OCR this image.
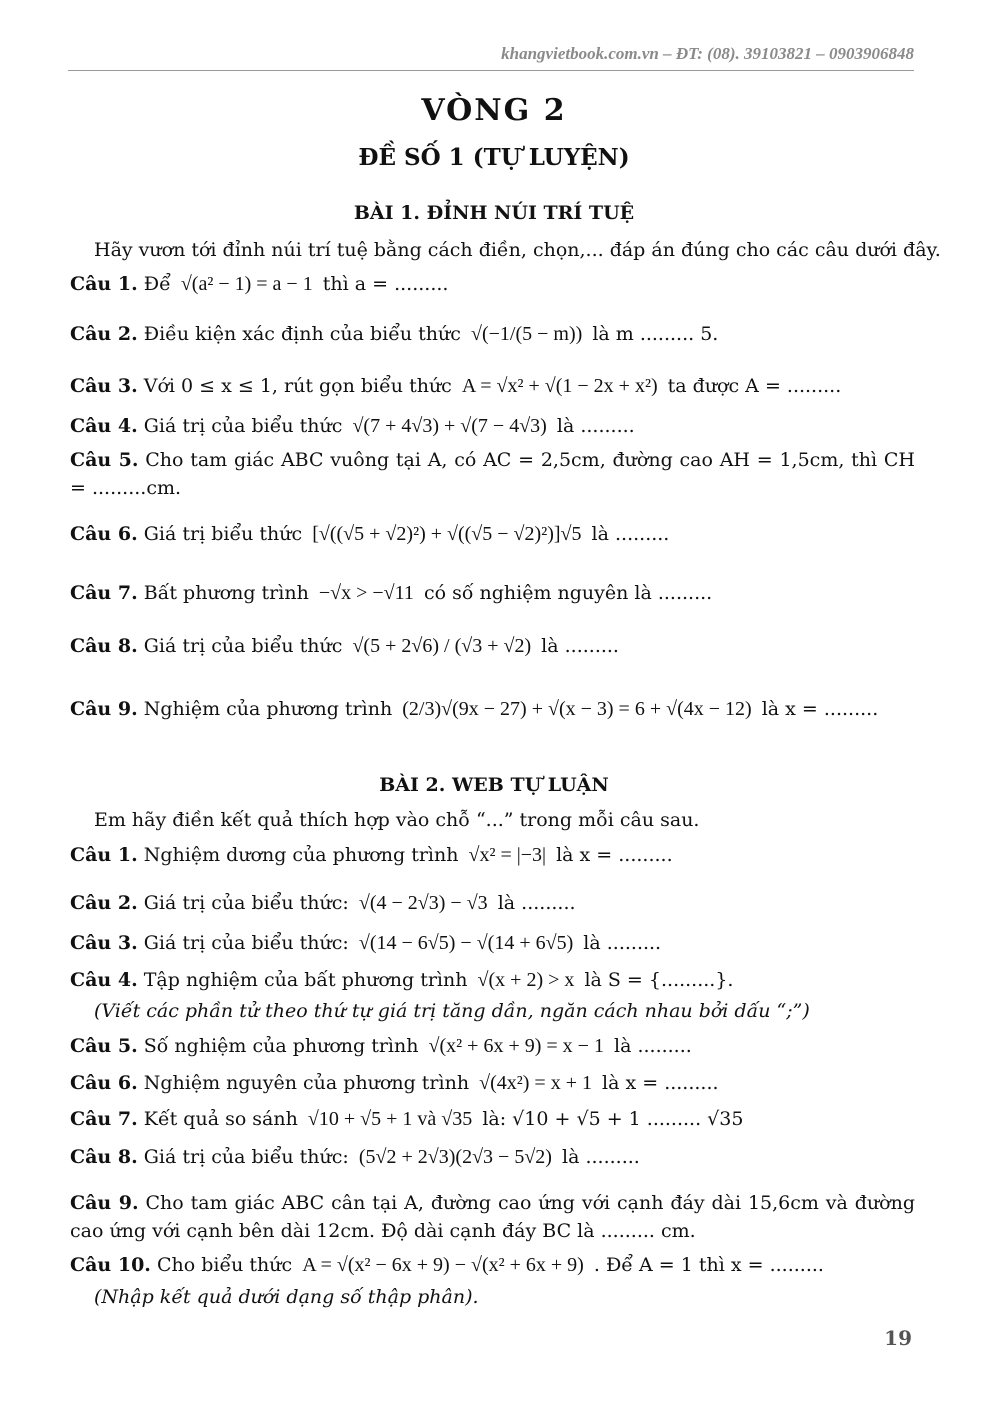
khangvietbook.com.vn – ĐT: (08). 39103821 – 0903906848
VÒNG 2
ĐỀ SỐ 1 (TỰ LUYỆN)
BÀI 1. ĐỈNH NÚI TRÍ TUỆ
Hãy vươn tới đỉnh núi trí tuệ bằng cách điền, chọn,... đáp án đúng cho các câu dưới đây.
Câu 1. Để √(a² − 1) = a − 1 thì a = .........
Câu 2. Điều kiện xác định của biểu thức √(−1/(5 − m)) là m ......... 5.
Câu 3. Với 0 ≤ x ≤ 1, rút gọn biểu thức A = √x² + √(1 − 2x + x²) ta được A = .........
Câu 4. Giá trị của biểu thức √(7 + 4√3) + √(7 − 4√3) là .........
Câu 5. Cho tam giác ABC vuông tại A, có AC = 2,5cm, đường cao AH = 1,5cm, thì CH = .........cm.
Câu 6. Giá trị biểu thức [√((√5 + √2)²) + √((√5 − √2)²)]√5 là .........
Câu 7. Bất phương trình −√x > −√11 có số nghiệm nguyên là .........
Câu 8. Giá trị của biểu thức √(5 + 2√6) / (√3 + √2) là .........
Câu 9. Nghiệm của phương trình (2/3)√(9x − 27) + √(x − 3) = 6 + √(4x − 12) là x = .........
BÀI 2. WEB TỰ LUẬN
Em hãy điền kết quả thích hợp vào chỗ “...” trong mỗi câu sau.
Câu 1. Nghiệm dương của phương trình √x² = |−3| là x = .........
Câu 2. Giá trị của biểu thức: √(4 − 2√3) − √3 là .........
Câu 3. Giá trị của biểu thức: √(14 − 6√5) − √(14 + 6√5) là .........
Câu 4. Tập nghiệm của bất phương trình √(x + 2) > x là S = {.........}.
(Viết các phần tử theo thứ tự giá trị tăng dần, ngăn cách nhau bởi dấu “;”)
Câu 5. Số nghiệm của phương trình √(x² + 6x + 9) = x − 1 là .........
Câu 6. Nghiệm nguyên của phương trình √(4x²) = x + 1 là x = .........
Câu 7. Kết quả so sánh √10 + √5 + 1 và √35 là: √10 + √5 + 1 ......... √35
Câu 8. Giá trị của biểu thức: (5√2 + 2√3)(2√3 − 5√2) là .........
Câu 9. Cho tam giác ABC cân tại A, đường cao ứng với cạnh đáy dài 15,6cm và đường cao ứng với cạnh bên dài 12cm. Độ dài cạnh đáy BC là ......... cm.
Câu 10. Cho biểu thức A = √(x² − 6x + 9) − √(x² + 6x + 9) . Để A = 1 thì x = .........
(Nhập kết quả dưới dạng số thập phân).
19
